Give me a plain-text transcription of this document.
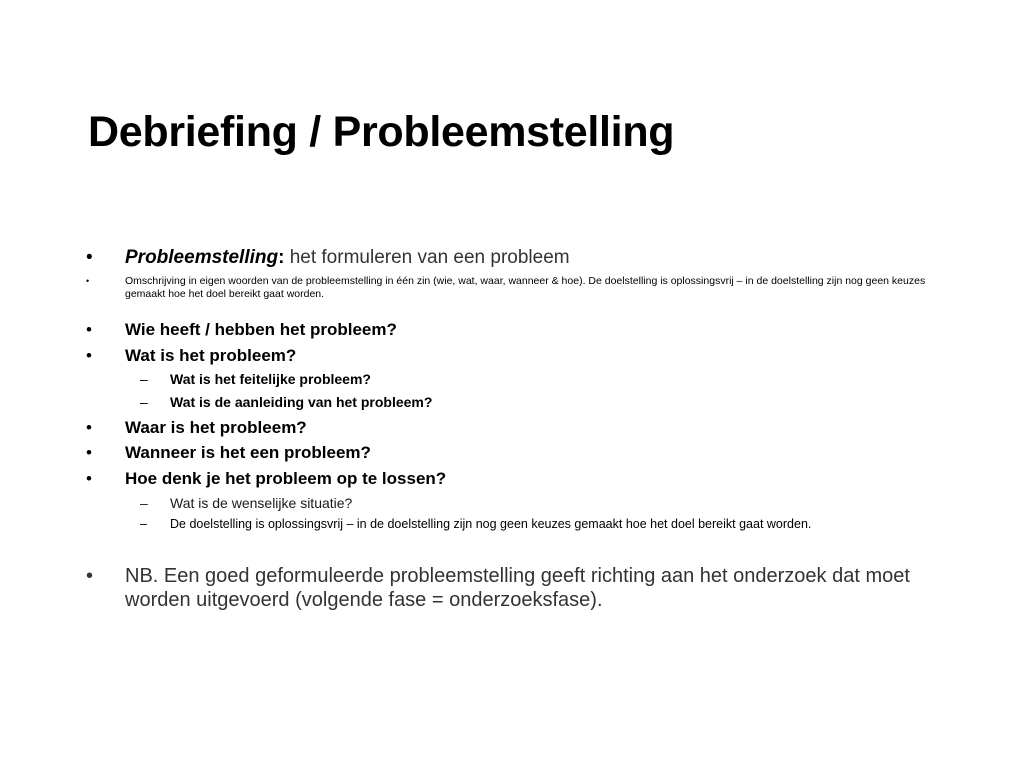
Debriefing / Probleemstelling
• Probleemstelling: het formuleren van een probleem
•	Omschrijving in eigen woorden van de probleemstelling in één zin (wie, wat, waar, wanneer & hoe). De doelstelling is oplossingsvrij – in de doelstelling zijn nog geen keuzes gemaakt hoe het doel bereikt gaat worden.
• Wie heeft / hebben het probleem?
• Wat is het probleem?
– Wat is het feitelijke probleem?
– Wat is de aanleiding van het probleem?
• Waar is het probleem?
• Wanneer is het een probleem?
• Hoe denk je het probleem op te lossen?
– Wat is de wenselijke situatie?
– De doelstelling is oplossingsvrij – in de doelstelling zijn nog geen keuzes gemaakt hoe het doel bereikt gaat worden.
• NB. Een goed geformuleerde probleemstelling geeft richting aan het onderzoek dat moet worden uitgevoerd (volgende fase = onderzoeksfase).
